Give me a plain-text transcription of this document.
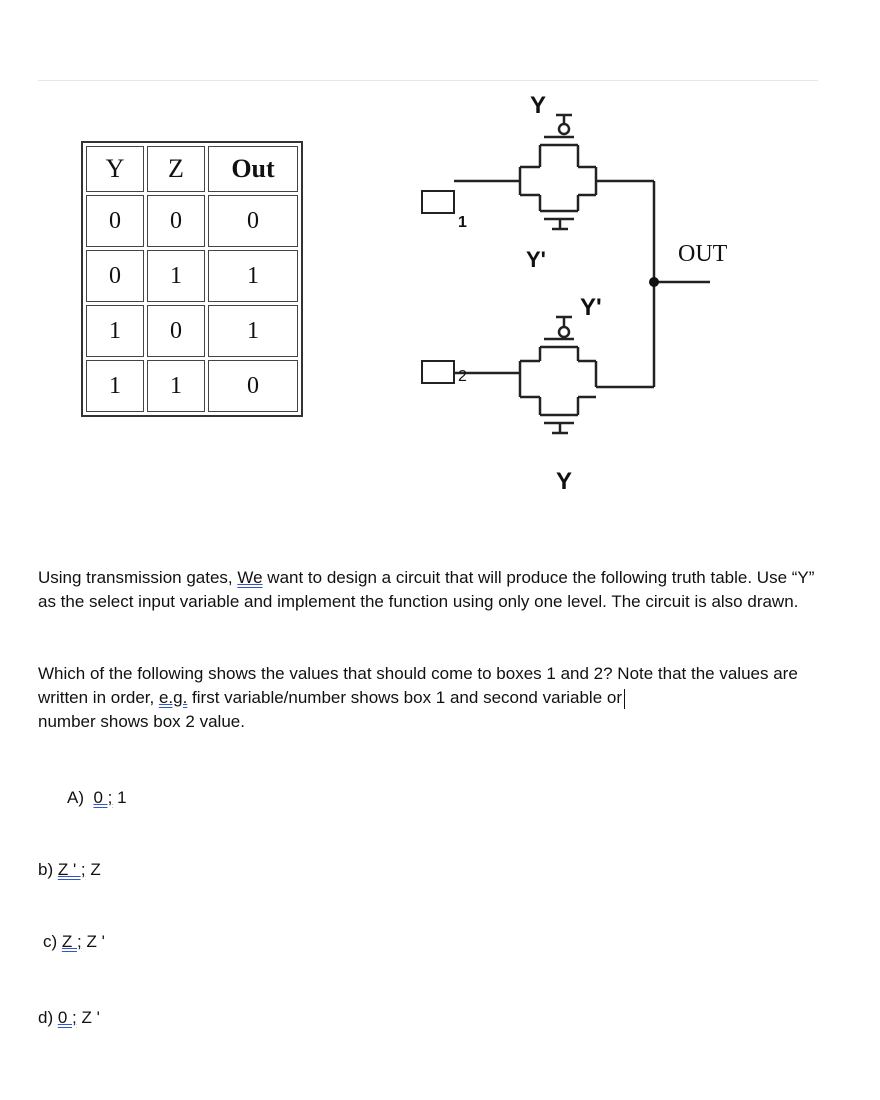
Y	Z	Out
0	0	0
0	1	1
1	0	1
1	1	0
Y
Y'
1
OUT
Y'
2
Y

Using transmission gates, We want to design a circuit that will produce the following truth table. Use “Y” as the select input variable and implement the function using only one level. The circuit is also drawn.

Which of the following shows the values that should come to boxes 1 and 2? Note that the values are written in order, e.g. first variable/number shows box 1 and second variable or
number shows box 2 value.

A)  0 ; 1
b) Z ' ; Z
c) Z ; Z '
d) 0 ; Z '
